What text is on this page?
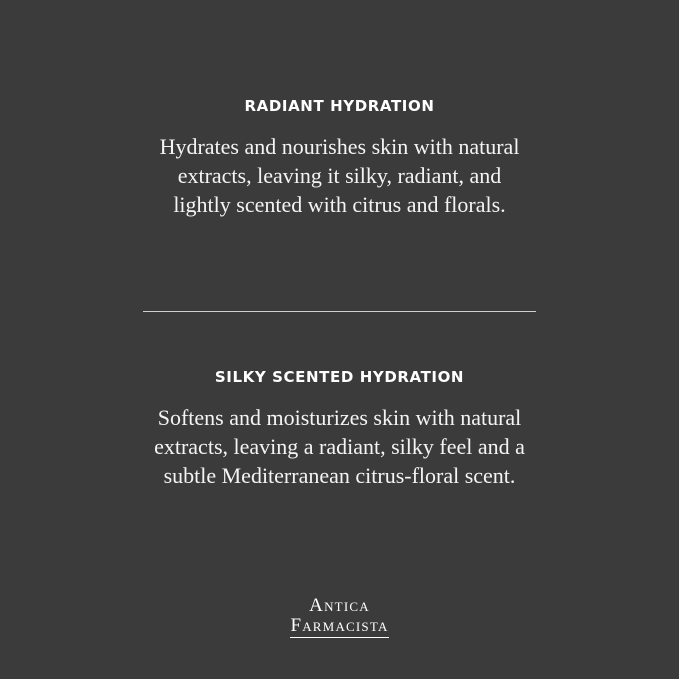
RADIANT HYDRATION

Hydrates and nourishes skin with natural extracts, leaving it silky, radiant, and lightly scented with citrus and florals.

SILKY SCENTED HYDRATION

Softens and moisturizes skin with natural extracts, leaving a radiant, silky feel and a subtle Mediterranean citrus-floral scent.

Antica
Farmacista
